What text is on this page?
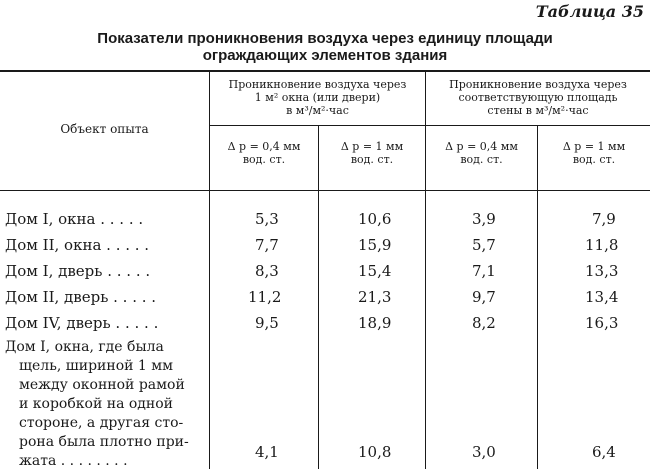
Таблица 35
Показатели проникновения воздуха через единицу площади
ограждающих элементов здания
Объект опыта
Проникновение воздуха через
1 м² окна (или двери)
в м³/м²·час
Проникновение воздуха через
соответствующую площадь
стены в м³/м²·час
Δ p = 0,4 мм
вод. ст.
Δ p = 1 мм
вод. ст.
Δ p = 0,4 мм
вод. ст.
Δ p = 1 мм
вод. ст.
Дом I, окна . . . . .	5,3	10,6	3,9	7,9
Дом II, окна . . . . .	7,7	15,9	5,7	11,8
Дом I, дверь . . . . .	8,3	15,4	7,1	13,3
Дом II, дверь . . . . .	11,2	21,3	9,7	13,4
Дом IV, дверь . . . . .	9,5	18,9	8,2	16,3
Дом I, окна, где была
щель, шириной 1 мм
между оконной рамой
и коробкой на одной
стороне, а другая сто-
рона была плотно при-
жата . . . . . . . .	4,1	10,8	3,0	6,4
